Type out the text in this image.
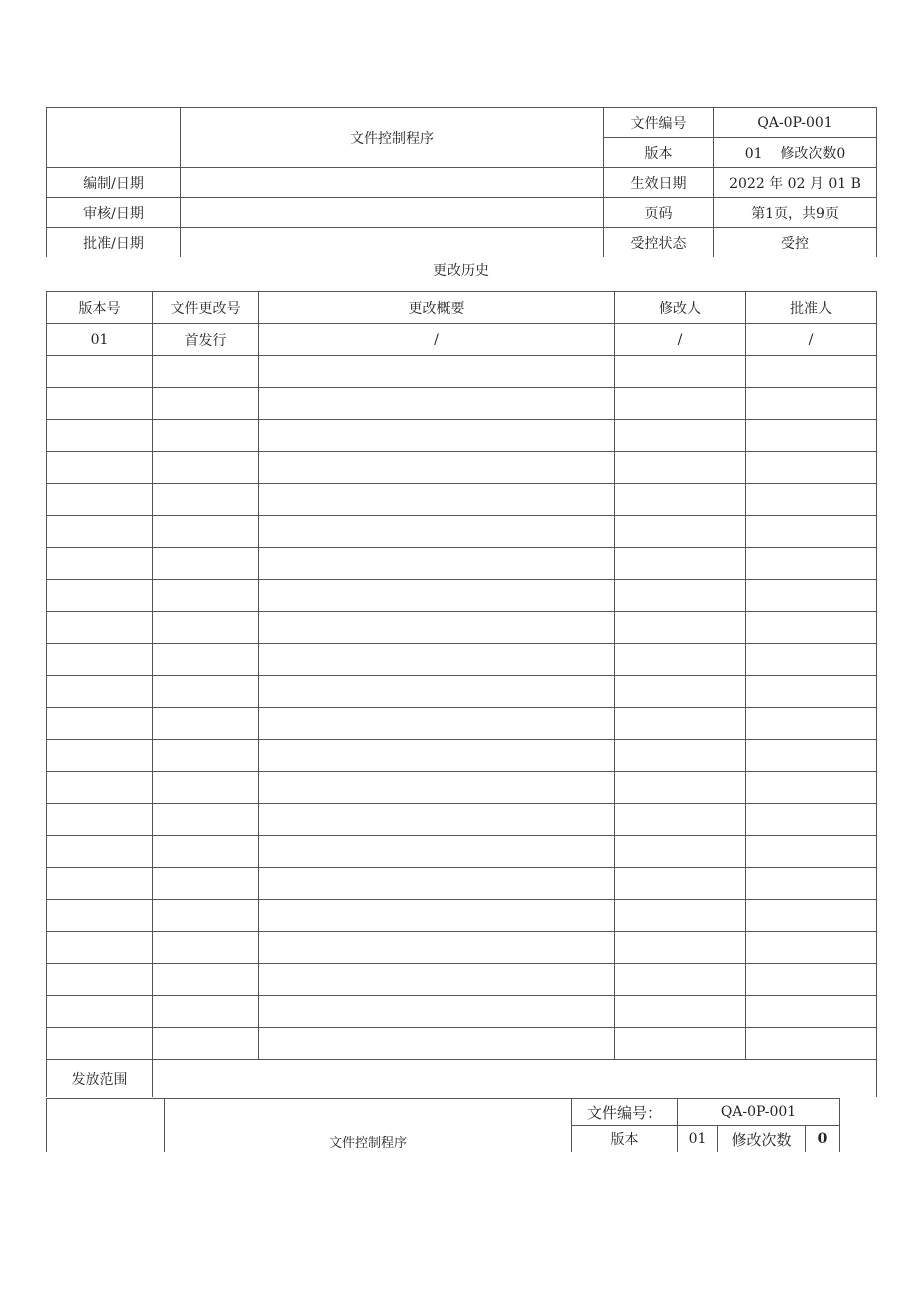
	文件控制程序	文件编号	QA-0P-001
		版本	01 修改次数0
编制/日期		生效日期	2022 年 02 月 01 B
审核/日期		页码	第1页，共9页
批准/日期		受控状态	受控
更改历史
版本号	文件更改号	更改概要	修改人	批准人
01	首发行	/	/	/

发放范围	
	文件控制程序	文件编号：	QA-0P-001		
		版本	01	修改次数	0
